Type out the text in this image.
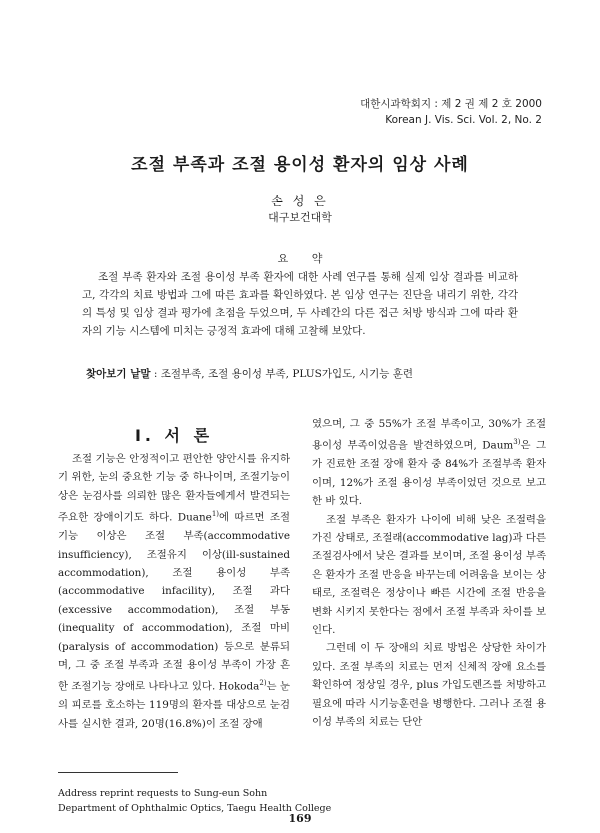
대한시과학회지 : 제 2 권 제 2 호 2000
Korean J. Vis. Sci. Vol. 2, No. 2
조절 부족과 조절 용이성 환자의 임상 사례
손 성 은
대구보건대학
요 약

조절 부족 환자와 조절 용이성 부족 환자에 대한 사례 연구를 통해 실제 임상 결과를 비교하고, 각각의 치료 방법과 그에 따른 효과를 확인하였다. 본 임상 연구는 진단을 내리기 위한, 각각의 특성 및 임상 결과 평가에 초점을 두었으며, 두 사례간의 다른 접근 처방 방식과 그에 따라 환자의 기능 시스템에 미치는 긍정적 효과에 대해 고찰해 보았다.

찾아보기 낱말 : 조절부족, 조절 용이성 부족, PLUS가입도, 시기능 훈련

I. 서 론

조절 기능은 안정적이고 편안한 양안시를 유지하기 위한, 눈의 중요한 기능 중 하나이며, 조절기능이상은 눈검사를 의뢰한 많은 환자들에게서 발견되는 주요한 장애이기도 하다. Duane$^{1)}$에 따르면 조절 기능 이상은 조절 부족(accommodative insufficiency), 조절유지 이상(ill-sustained accommodation), 조절 용이성 부족(accommodative infacility), 조절 과다(excessive accommodation), 조절 부동(inequality of accommodation), 조절 마비(paralysis of accommodation) 등으로 분류되며, 그 중 조절 부족과 조절 용이성 부족이 가장 흔한 조절기능 장애로 나타나고 있다. Hokoda$^{2)}$는 눈의 피로를 호소하는 119명의 환자를 대상으로 눈검사를 실시한 결과, 20명(16.8%)이 조절 장애

였으며, 그 중 55%가 조절 부족이고, 30%가 조절 용이성 부족이었음을 발견하였으며, Daum$^{3)}$은 그가 진료한 조절 장애 환자 중 84%가 조절부족 환자이며, 12%가 조절 용이성 부족이었던 것으로 보고한 바 있다.

조절 부족은 환자가 나이에 비해 낮은 조절력을 가진 상태로, 조절래(accommodative lag)과 다른 조절검사에서 낮은 결과를 보이며, 조절 용이성 부족은 환자가 조절 반응을 바꾸는데 어려움을 보이는 상태로, 조절력은 정상이나 빠른 시간에 조절 반응을 변화 시키지 못한다는 점에서 조절 부족과 차이를 보인다.

그런데 이 두 장애의 치료 방법은 상당한 차이가 있다. 조절 부족의 치료는 먼저 신체적 장애 요소를 확인하여 정상일 경우, plus 가입도렌즈를 처방하고 필요에 따라 시기능훈련을 병행한다. 그러나 조절 용이성 부족의 치료는 단안

Address reprint requests to Sung-eun Sohn
Department of Ophthalmic Optics, Taegu Health College
169
